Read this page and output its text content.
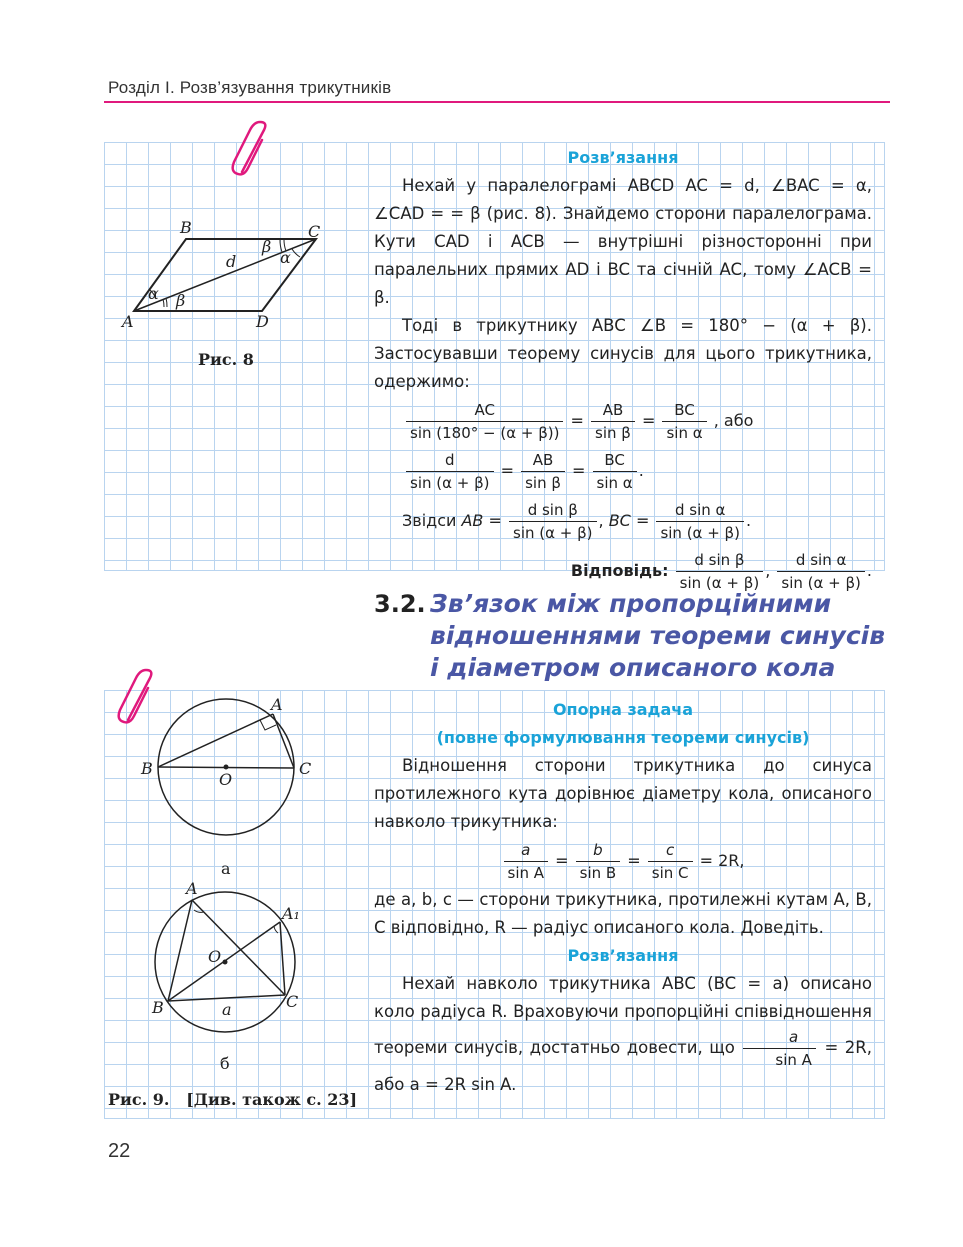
Розділ I. Розв’язування трикутників
A
B	C
D
d
α β
β
α
Рис. 8
Розв’язання

Нехай у паралелограмі ABCD AC = d, ∠BAC = α, ∠CAD = = β (рис. 8). Знайдемо сторони паралелограма. Кути CAD і ACB — внутрішні різносторонні при паралельних прямих AD і BC та січній AC, тому ∠ACB = β.

Тоді в трикутнику ABC ∠B = 180° − (α + β). Застосувавши теорему синусів для цього трикутника, одержимо:

$\frac{AC}{\sin (180^\circ - (\alpha + \beta))} = \frac{AB}{\text{sin β}} = \frac{BC}{\text{sin α}}$ , або
$\frac{d}{\sin (\alpha + \beta)} = \frac{AB}{\text{sin β}} = \frac{BC}{\text{sin α}}$ .
Звідси AB = $\frac{\text{d sin β}}{\sin (\alpha + \beta)}$ , BC = $\frac{\text{d sin α}}{\sin (\alpha + \beta)}$ .
Відповідь: $\frac{\text{d sin β}}{\sin (\alpha + \beta)}$ , $\frac{\text{d sin α}}{\sin (\alpha + \beta)}$ .
3.2. Зв’язок між пропорційними
відношеннями теореми синусів
і діаметром описаного кола
B
O
C
A
а
A
A₁
O
B	C
a
б
Рис. 9. [Див. також с. 23]
Опорна задача
(повне формулювання теореми синусів)

Відношення сторони трикутника до синуса протилежного кута дорівнює діаметру кола, описаного навколо трикутника:

$\frac{a}{\text{sin A}} = \frac{b}{\text{sin B}} = \frac{c}{\text{sin C}} = 2R$,

де a, b, c — сторони трикутника, протилежні кутам A, B, C відповідно, R — радіус описаного кола. Доведіть.

Розв’язання

Нехай навколо трикутника ABC (BC = a) описано коло радіуса R. Враховуючи пропорційні співвідношення теореми синусів, достатньо довести, що $\frac{a}{\text{sin A}} = 2R$, або a = 2R sin A.

22
